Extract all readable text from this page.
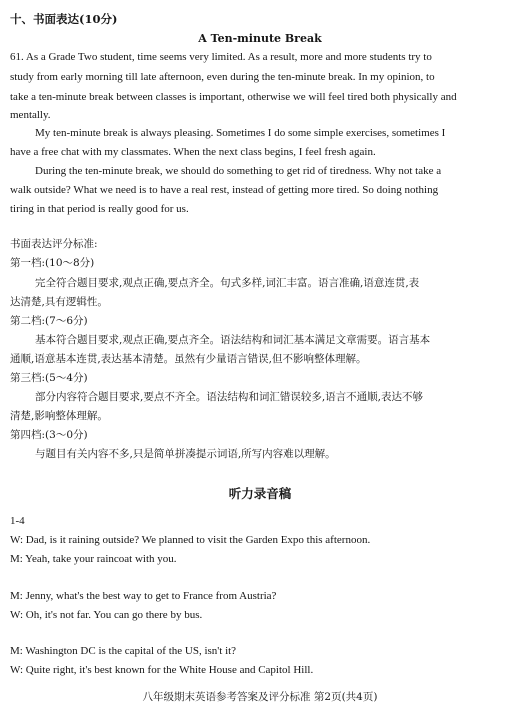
十、书面表达(10分)
A Ten-minute Break
61. As a Grade Two student, time seems very limited. As a result, more and more students try to
study from early morning till late afternoon, even during the ten-minute break. In my opinion, to
take a ten-minute break between classes is important, otherwise we will feel tired both physically and
mentally.
My ten-minute break is always pleasing. Sometimes I do some simple exercises, sometimes I
have a free chat with my classmates. When the next class begins, I feel fresh again.
During the ten-minute break, we should do something to get rid of tiredness. Why not take a
walk outside? What we need is to have a real rest, instead of getting more tired. So doing nothing
tiring in that period is really good for us.
书面表达评分标准:
第一档:(10～8分)
完全符合题目要求,观点正确,要点齐全。句式多样,词汇丰富。语言准确,语意连贯,表
达清楚,具有逻辑性。
第二档:(7～6分)
基本符合题目要求,观点正确,要点齐全。语法结构和词汇基本满足文章需要。语言基本
通顺,语意基本连贯,表达基本清楚。虽然有少量语言错误,但不影响整体理解。
第三档:(5～4分)
部分内容符合题目要求,要点不齐全。语法结构和词汇错误较多,语言不通顺,表达不够
清楚,影响整体理解。
第四档:(3～0分)
与题目有关内容不多,只是简单拼凑提示词语,所写内容难以理解。
听力录音稿
1-4
W: Dad, is it raining outside? We planned to visit the Garden Expo this afternoon.
M: Yeah, take your raincoat with you.
M: Jenny, what's the best way to get to France from Austria?
W: Oh, it's not far. You can go there by bus.
M: Washington DC is the capital of the US, isn't it?
W: Quite right, it's best known for the White House and Capitol Hill.
八年级期末英语参考答案及评分标准 第2页(共4页)
